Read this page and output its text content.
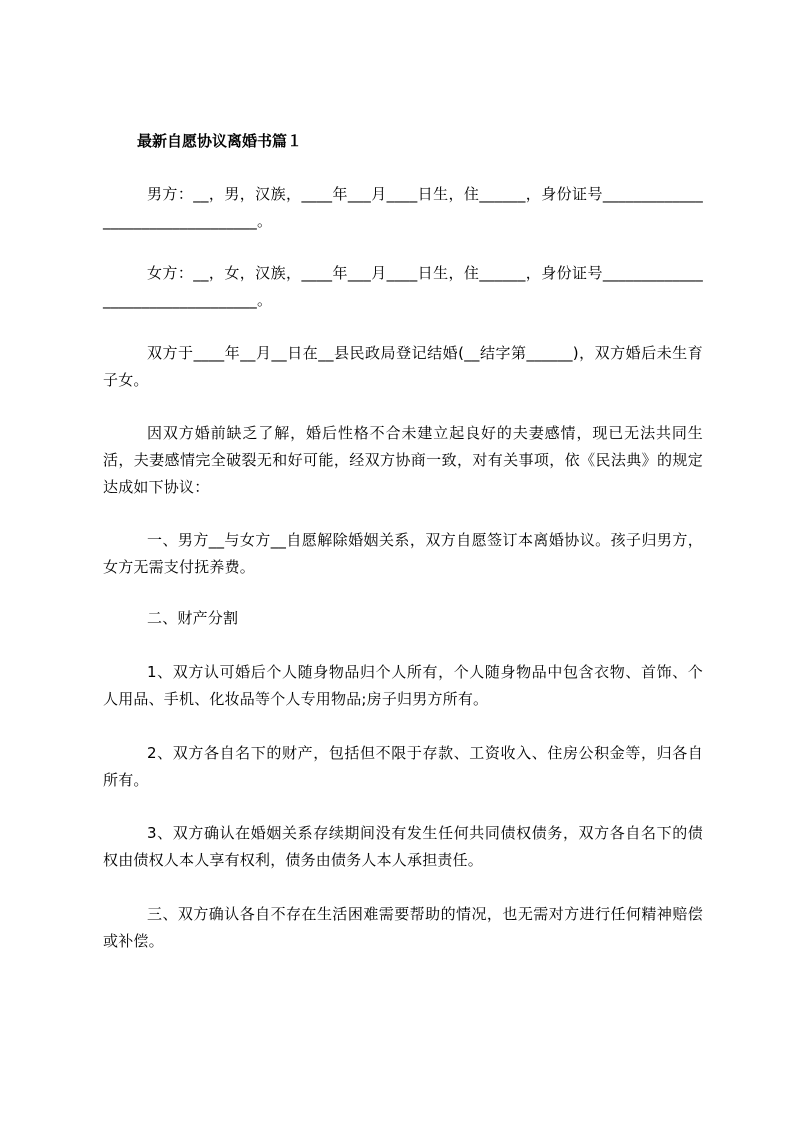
最新自愿协议离婚书篇１
男方：__，男，汉族，____年___月____日生，住______，身份证号_________________________________。
女方：__，女，汉族，____年___月____日生，住______，身份证号_________________________________。
双方于____年__月__日在__县民政局登记结婚(__结字第______)，双方婚后未生育子女。
因双方婚前缺乏了解，婚后性格不合未建立起良好的夫妻感情，现已无法共同生活，夫妻感情完全破裂无和好可能，经双方协商一致，对有关事项，依《民法典》的规定达成如下协议：
一、男方__与女方__自愿解除婚姻关系，双方自愿签订本离婚协议。孩子归男方，女方无需支付抚养费。
二、财产分割
1、双方认可婚后个人随身物品归个人所有，个人随身物品中包含衣物、首饰、个人用品、手机、化妆品等个人专用物品;房子归男方所有。
2、双方各自名下的财产，包括但不限于存款、工资收入、住房公积金等，归各自所有。
3、双方确认在婚姻关系存续期间没有发生任何共同债权债务，双方各自名下的债权由债权人本人享有权利，债务由债务人本人承担责任。
三、双方确认各自不存在生活困难需要帮助的情况，也无需对方进行任何精神赔偿或补偿。
